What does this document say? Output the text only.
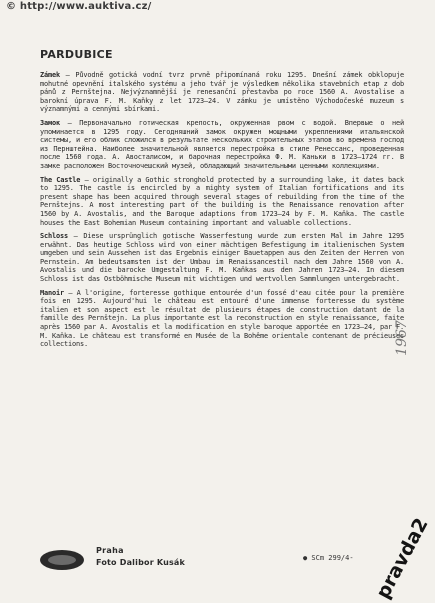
© http://www.auktiva.cz/
PARDUBICE

Zámek — Původně gotická vodní tvrz prvně připomínaná roku 1295. Dnešní zámek obklopuje mohutné opevnění italského systému a jeho tvář je výsledkem několika stavebních etap z dob pánů z Pernštejna. Nejvýznamnější je renesanční přestavba po roce 1560 A. Avostalise a barokní úprava F. M. Kaňky z let 1723—24. V zámku je umístěno Východočeské muzeum s významnými a cennými sbírkami.

Замок — Первоначально готическая крепость, окруженная рвом с водой. Впервые о ней упоминается в 1295 году. Сегодняшний замок окружен мощными укреплениями итальянской системы, и его облик сложился в результате нескольких строительных этапов во времена господ из Пернштейна. Наиболее значительной является перестройка в стиле Ренессанс, проведенная после 1560 года. А. Авосталисом, и барочная перестройка Ф. М. Каньки в 1723—1724 гг. В замке расположен Восточночешский музей, обладающий значительными ценными коллекциями.

The Castle — originally a Gothic stronghold protected by a surrounding lake, it dates back to 1295. The castle is encircled by a mighty system of Italian fortifications and its present shape has been acquired through several stages of rebuilding from the time of the Pernštejns. A most interesting part of the building is the Renaissance renovation after 1560 by A. Avostalis, and the Baroque adaptions from 1723—24 by F. M. Kaňka. The castle houses the East Bohemian Museum containing important and valuable collections.

Schloss — Diese ursprünglich gotische Wasserfestung wurde zum ersten Mal im Jahre 1295 erwähnt. Das heutige Schloss wird von einer mächtigen Befestigung im italienischen System umgeben und sein Aussehen ist das Ergebnis einiger Bauetappen aus den Zeiten der Herren von Pernstein. Am bedeutsamsten ist der Umbau im Renaissancestil nach dem Jahre 1560 von A. Avostalis und die barocke Umgestaltung F. M. Kaňkas aus den Jahren 1723—24. In diesem Schloss ist das Ostböhmische Museum mit wichtigen und wertvollen Sammlungen untergebracht.

Manoir — A l'origine, forteresse gothique entourée d'un fossé d'eau citée pour la première fois en 1295. Aujourd'hui le château est entouré d'une immense forteresse du système italien et son aspect est le résultat de plusieurs étapes de construction datant de la famille des Pernštejn. La plus importante est la reconstruction en style renaissance, faite après 1560 par A. Avostalis et la modification en style baroque apportée en 1723—24, par F. M. Kaňka. Le château est transformé en Musée de la Bohême orientale contenant de précieuses collections.	1967
Praha
Foto Dalibor Kusák	● SCm 299/4- pravda2
